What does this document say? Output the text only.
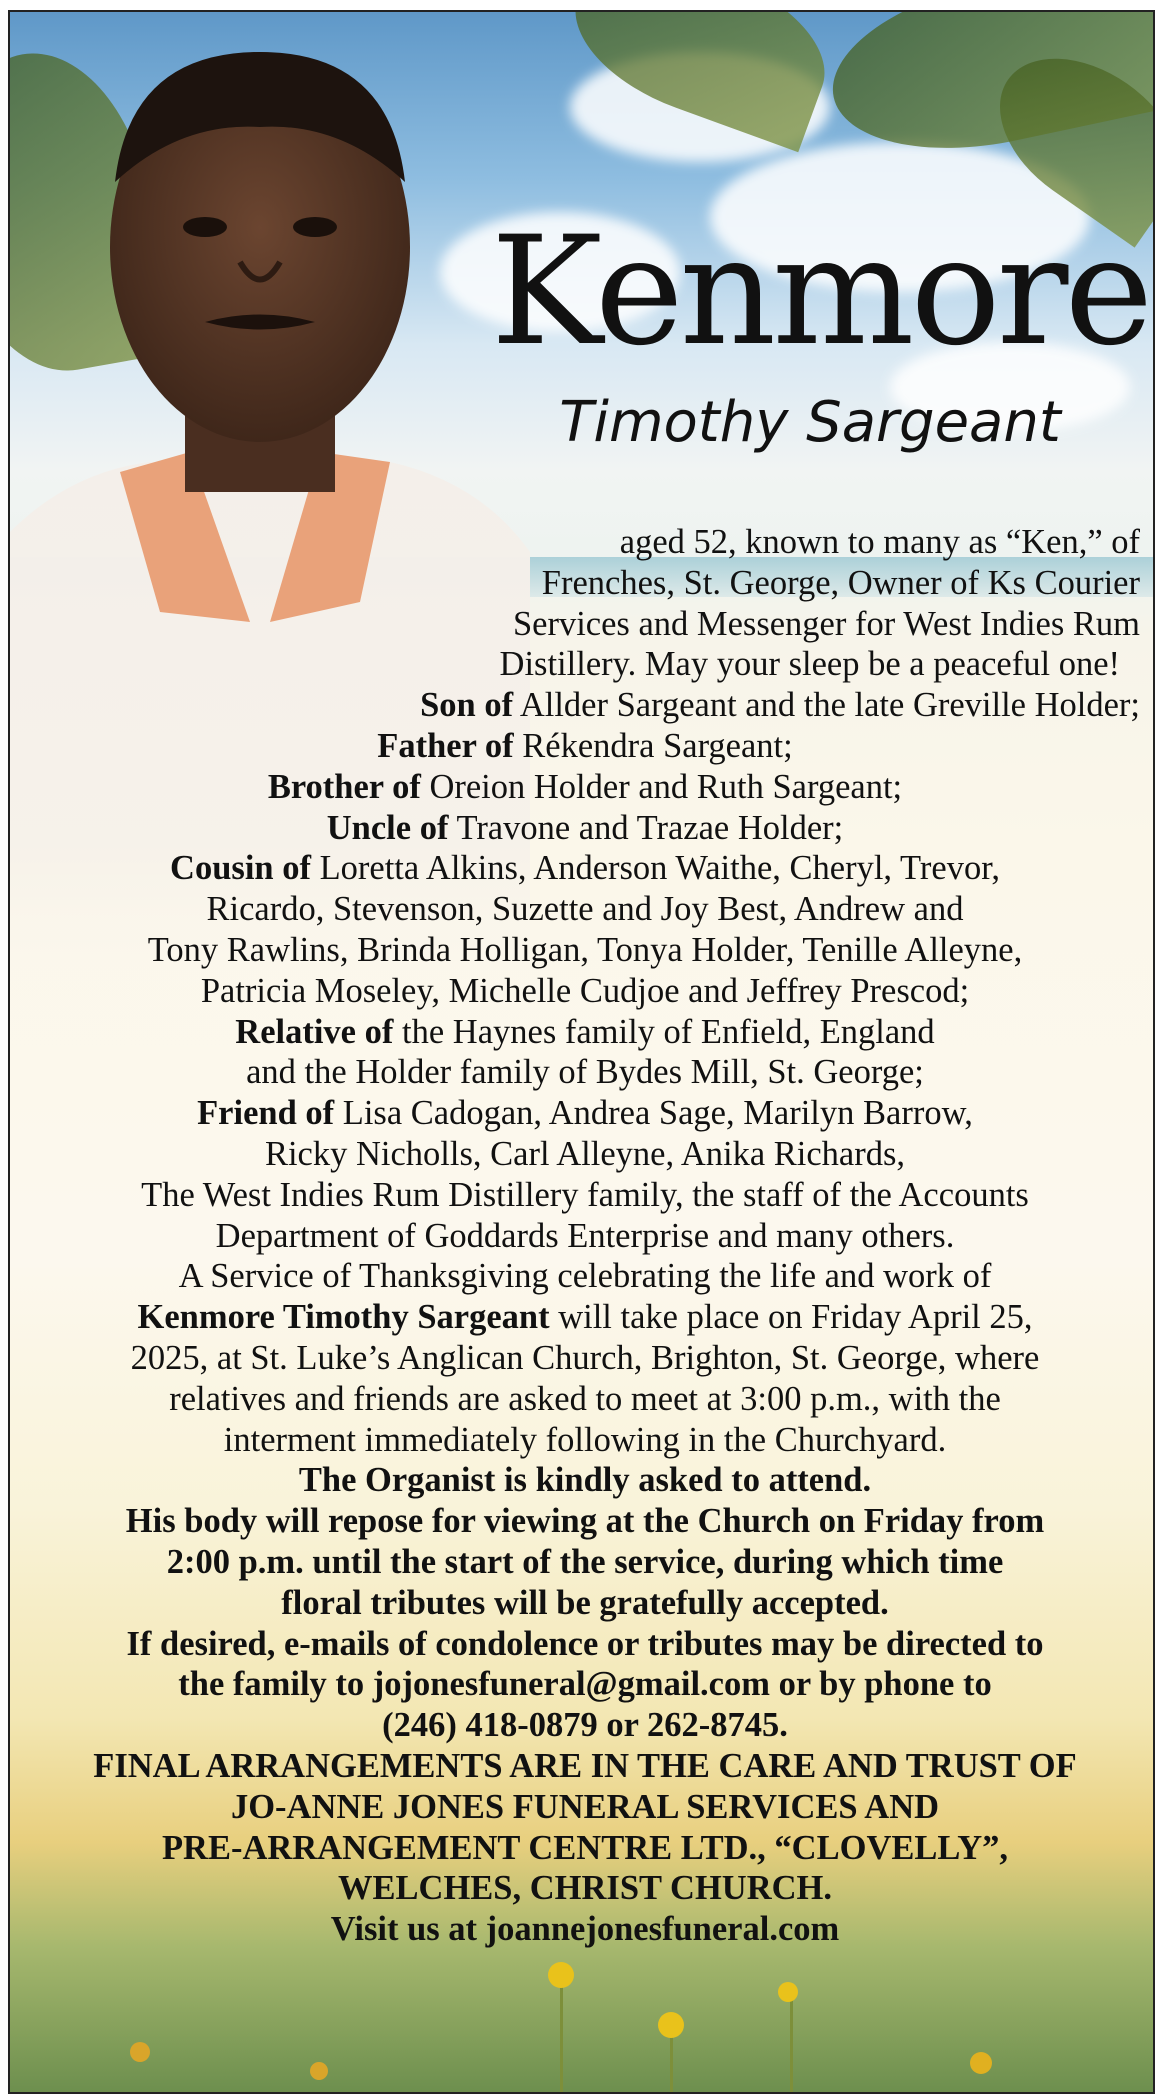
Kenmore
Timothy Sargeant

aged 52, known to many as “Ken,” of

Frenches, St. George, Owner of Ks Courier

Services and Messenger for West Indies Rum

Distillery. May your sleep be a peaceful one!

Son of Allder Sargeant and the late Greville Holder;

Father of Rékendra Sargeant;

Brother of Oreion Holder and Ruth Sargeant;

Uncle of Travone and Trazae Holder;

Cousin of Loretta Alkins, Anderson Waithe, Cheryl, Trevor,

Ricardo, Stevenson, Suzette and Joy Best, Andrew and

Tony Rawlins, Brinda Holligan, Tonya Holder, Tenille Alleyne,

Patricia Moseley, Michelle Cudjoe and Jeffrey Prescod;

Relative of the Haynes family of Enfield, England

and the Holder family of Bydes Mill, St. George;

Friend of Lisa Cadogan, Andrea Sage, Marilyn Barrow,

Ricky Nicholls, Carl Alleyne, Anika Richards,

The West Indies Rum Distillery family, the staff of the Accounts

Department of Goddards Enterprise and many others.

A Service of Thanksgiving celebrating the life and work of

Kenmore Timothy Sargeant will take place on Friday April 25,

2025, at St. Luke’s Anglican Church, Brighton, St. George, where

relatives and friends are asked to meet at 3:00 p.m., with the

interment immediately following in the Churchyard.

The Organist is kindly asked to attend.

His body will repose for viewing at the Church on Friday from

2:00 p.m. until the start of the service, during which time

floral tributes will be gratefully accepted.

If desired, e-mails of condolence or tributes may be directed to

the family to jojonesfuneral@gmail.com or by phone to

(246) 418-0879 or 262-8745.

FINAL ARRANGEMENTS ARE IN THE CARE AND TRUST OF

JO-ANNE JONES FUNERAL SERVICES AND

PRE-ARRANGEMENT CENTRE LTD., “CLOVELLY”,

WELCHES, CHRIST CHURCH.

Visit us at joannejonesfuneral.com
